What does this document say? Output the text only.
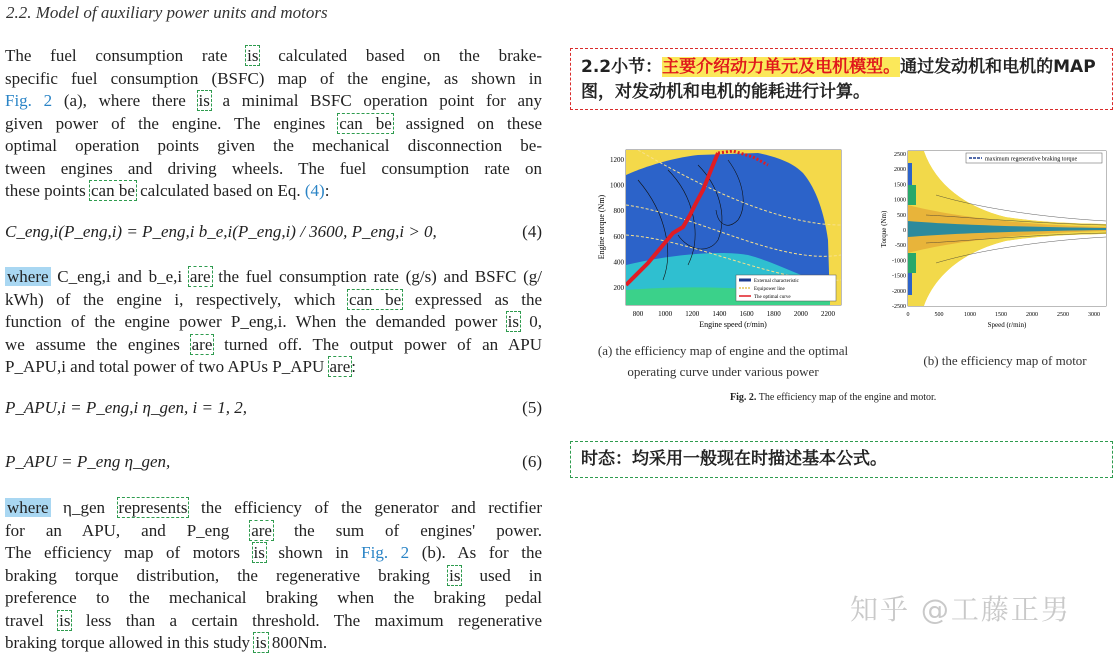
2.2. Model of auxiliary power units and motors
The fuel consumption rate is calculated based on the brake-
specific fuel consumption (BSFC) map of the engine, as shown in
Fig. 2 (a), where there is a minimal BSFC operation point for any
given power of the engine. The engines can be assigned on these
optimal operation points given the mechanical disconnection be-
tween engines and driving wheels. The fuel consumption rate on
these points can be calculated based on Eq. (4):
C_eng,i(P_eng,i) = P_eng,i b_e,i(P_eng,i) / 3600, P_eng,i > 0,	(4)
where C_eng,i and b_e,i are the fuel consumption rate (g/s) and BSFC (g/
kWh) of the engine i, respectively, which can be expressed as the
function of the engine power P_eng,i. When the demanded power is 0,
we assume the engines are turned off. The output power of an APU
P_APU,i and total power of two APUs P_APU are:
P_APU,i = P_eng,i η_gen, i = 1, 2,	(5)
P_APU = P_eng η_gen,	(6)
where η_gen represents the efficiency of the generator and rectifier
for an APU, and P_eng are the sum of engines' power.
The efficiency map of motors is shown in Fig. 2 (b). As for the
braking torque distribution, the regenerative braking is used in
preference to the mechanical braking when the braking pedal
travel is less than a certain threshold. The maximum regenerative
braking torque allowed in this study is 800Nm.
2.2小节：主要介绍动力单元及电机模型。通过发动机和电机的MAP图，对发动机和电机的能耗进行计算。
时态：均采用一般现在时描述基本公式。
External characteristic
Equipower line
The optimal curve
800 1000 1200 1400 1600 1800 2000 2200
200
400
600
800
1000
1200
Engine speed (r/min)
Engine torque (Nm)
maximum regenerative braking torque
0	500	1000	1500	2000	2500	3000
2500
2000
1500
1000
500
0
-500
-1000
-1500
-2000
-2500
Speed (r/min)
Torque (Nm)
(a) the efficiency map of engine and the optimal
operating curve under various power
(b) the efficiency map of motor
Fig. 2. The efficiency map of the engine and motor.
知乎 @工藤正男
